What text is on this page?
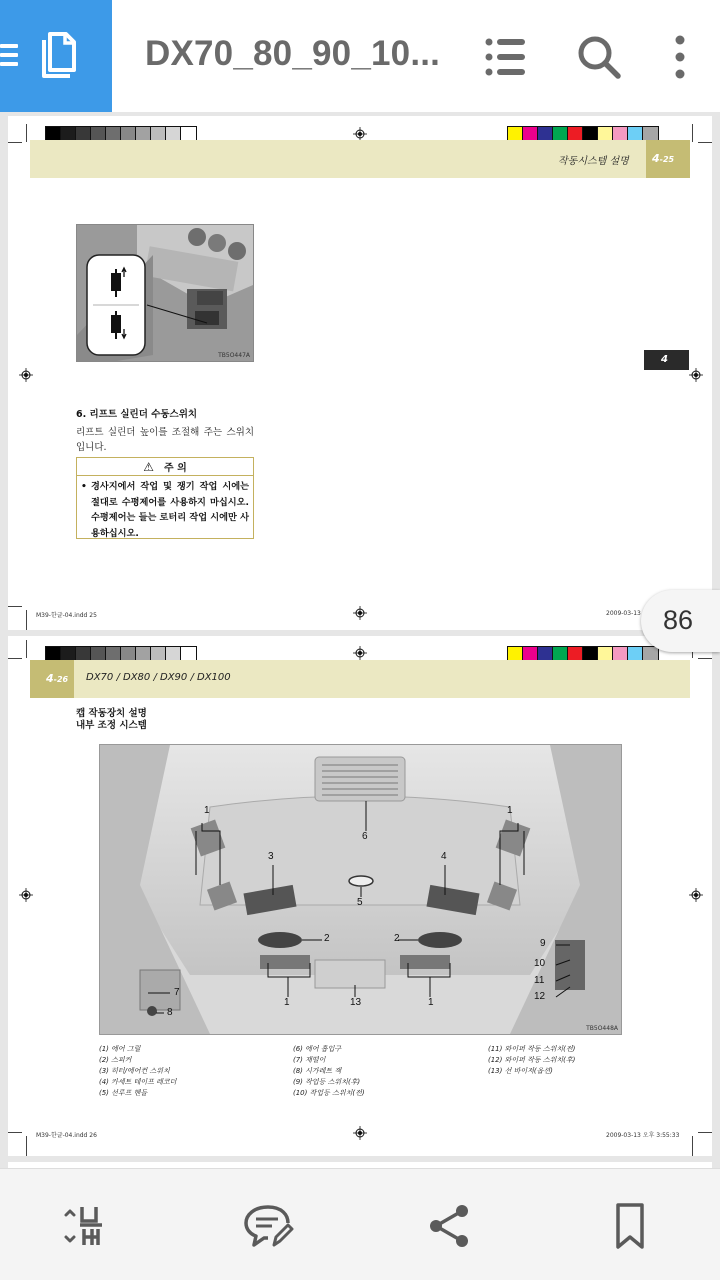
DX70_80_90_10...
작동시스템 설명 4-25
TB5O447A	4
6. 리프트 실린더 수동스위치
리프트 실린더 높이를 조절해 주는 스위치 입니다.
⚠ 주 의
• 경사지에서 작업 및 쟁기 작업 시에는 절대로 수평제어를 사용하지 마십시오. 수평제어는 들는 로터리 작업 시에만 사용하십시오.
M39-한글-04.indd 25	2009-03-13 86
4-26 DX70 / DX80 / DX90 / DX100
캡 작동장치 설명
내부 조정 시스템
1	1
6
3	4
5
2	2	9
10
11
12
7
8
1	13	1
TB5O448A
(1) 에어 그릴
(2) 스피커
(3) 히터/에어컨 스위치
(4) 카세트 테이프 레코더
(5) 선루프 핸들
(6) 에어 흡입구
(7) 재떨이
(8) 시가레트 잭
(9) 작업등 스위치(후)
(10) 작업등 스위치(전)
(11) 와이퍼 작동 스위치(전)
(12) 와이퍼 작동 스위치(후)
(13) 선 바이저(옵션)
M39-한글-04.indd 26	2009-03-13 오후 3:55:33
